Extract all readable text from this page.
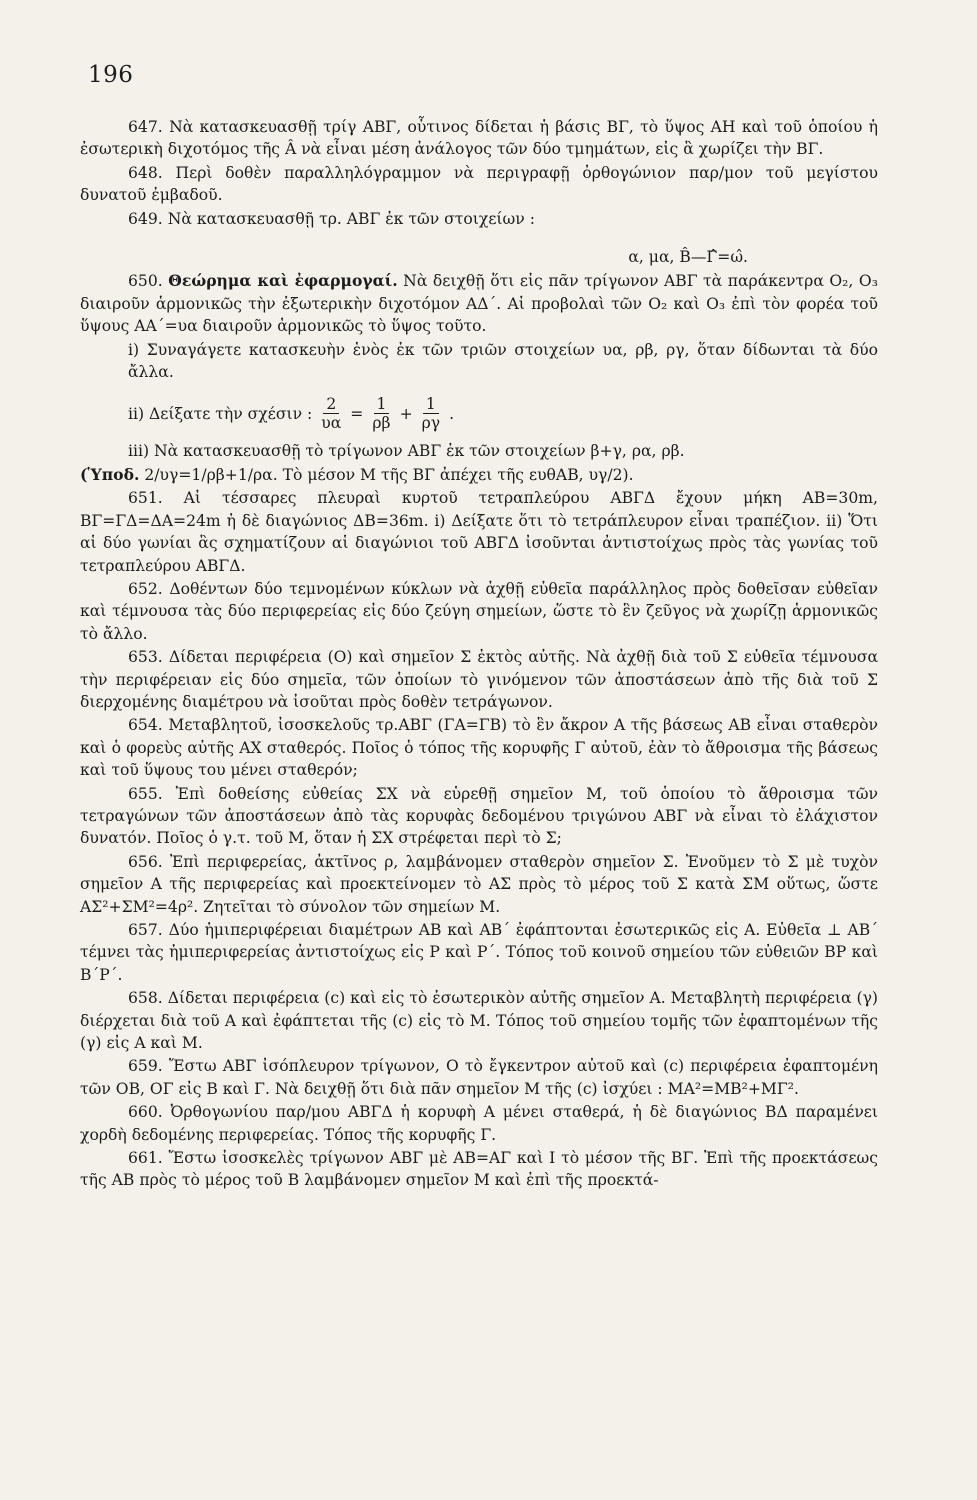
196

647. Νὰ κατασκευασθῇ τρίγ ΑΒΓ, οὗτινος δίδεται ἡ βάσις ΒΓ, τὸ ὕψος ΑΗ καὶ τοῦ ὁποίου ἡ ἐσωτερικὴ διχοτόμος τῆς Â νὰ εἶναι μέση ἀνάλογος τῶν δύο τμημάτων, εἰς ἃ χωρίζει τὴν ΒΓ.

648. Περὶ δοθὲν παραλληλόγραμμον νὰ περιγραφῇ ὀρθογώνιον παρ/μον τοῦ μεγίστου δυνατοῦ ἐμβαδοῦ.

649. Νὰ κατασκευασθῇ τρ. ΑΒΓ ἐκ τῶν στοιχείων :

α, μα, B̂—Γ̂=ω̂.

650. Θεώρημα καὶ ἐφαρμογαί. Νὰ δειχθῇ ὅτι εἰς πᾶν τρίγωνον ΑΒΓ τὰ παράκεντρα Ο₂, Ο₃ διαιροῦν ἁρμονικῶς τὴν ἐξωτερικὴν διχοτόμον ΑΔ΄. Αἱ προβολαὶ τῶν Ο₂ καὶ Ο₃ ἐπὶ τὸν φορέα τοῦ ὕψους ΑΑ΄=υα διαιροῦν ἁρμονικῶς τὸ ὕψος τοῦτο.

i) Συναγάγετε κατασκευὴν ἑνὸς ἐκ τῶν τριῶν στοιχείων υα, ρβ, ργ, ὅταν δίδωνται τὰ δύο ἄλλα.

ii) Δείξατε τὴν σχέσιν : $\frac{2}{\upsilon\alpha} = \frac{1}{\rho\beta} + \frac{1}{\rho\gamma}$ .

iii) Νὰ κατασκευασθῇ τὸ τρίγωνον ΑΒΓ ἐκ τῶν στοιχείων β+γ, ρα, ρβ.

(Ὑποδ. 2/υγ=1/ρβ+1/ρα. Τὸ μέσον Μ τῆς ΒΓ ἀπέχει τῆς ευθΑΒ, υγ/2).

651. Αἱ τέσσαρες πλευραὶ κυρτοῦ τετραπλεύρου ΑΒΓΔ ἔχουν μήκη ΑΒ=30m, ΒΓ=ΓΔ=ΔΑ=24m ἡ δὲ διαγώνιος ΔΒ=36m. i) Δείξατε ὅτι τὸ τετράπλευρον εἶναι τραπέζιον. ii) Ὅτι αἱ δύο γωνίαι ἃς σχηματίζουν αἱ διαγώνιοι τοῦ ΑΒΓΔ ἰσοῦνται ἀντιστοίχως πρὸς τὰς γωνίας τοῦ τετραπλεύρου ΑΒΓΔ.

652. Δοθέντων δύο τεμνομένων κύκλων νὰ ἀχθῇ εὐθεῖα παράλληλος πρὸς δοθεῖσαν εὐθεῖαν καὶ τέμνουσα τὰς δύο περιφερείας εἰς δύο ζεύγη σημείων, ὥστε τὸ ἓν ζεῦγος νὰ χωρίζῃ ἁρμονικῶς τὸ ἄλλο.

653. Δίδεται περιφέρεια (Ο) καὶ σημεῖον Σ ἐκτὸς αὐτῆς. Νὰ ἀχθῇ διὰ τοῦ Σ εὐθεῖα τέμνουσα τὴν περιφέρειαν εἰς δύο σημεῖα, τῶν ὁποίων τὸ γινόμενον τῶν ἀποστάσεων ἀπὸ τῆς διὰ τοῦ Σ διερχομένης διαμέτρου νὰ ἰσοῦται πρὸς δοθὲν τετράγωνον.

654. Μεταβλητοῦ, ἰσοσκελοῦς τρ.ΑΒΓ (ΓΑ=ΓΒ) τὸ ἓν ἄκρον Α τῆς βάσεως ΑΒ εἶναι σταθερὸν καὶ ὁ φορεὺς αὐτῆς ΑΧ σταθερός. Ποῖος ὁ τόπος τῆς κορυφῆς Γ αὐτοῦ, ἐὰν τὸ ἄθροισμα τῆς βάσεως καὶ τοῦ ὕψους του μένει σταθερόν;

655. Ἐπὶ δοθείσης εὐθείας ΣΧ νὰ εὑρεθῇ σημεῖον Μ, τοῦ ὁποίου τὸ ἄθροισμα τῶν τετραγώνων τῶν ἀποστάσεων ἀπὸ τὰς κορυφὰς δεδομένου τριγώνου ΑΒΓ νὰ εἶναι τὸ ἐλάχιστον δυνατόν. Ποῖος ὁ γ.τ. τοῦ Μ, ὅταν ἡ ΣΧ στρέφεται περὶ τὸ Σ;

656. Ἐπὶ περιφερείας, ἀκτῖνος ρ, λαμβάνομεν σταθερὸν σημεῖον Σ. Ἑνοῦμεν τὸ Σ μὲ τυχὸν σημεῖον Α τῆς περιφερείας καὶ προεκτείνομεν τὸ ΑΣ πρὸς τὸ μέρος τοῦ Σ κατὰ ΣΜ οὕτως, ὥστε ΑΣ²+ΣΜ²=4ρ². Ζητεῖται τὸ σύνολον τῶν σημείων Μ.

657. Δύο ἡμιπεριφέρειαι διαμέτρων ΑΒ καὶ ΑΒ΄ ἐφάπτονται ἐσωτερικῶς εἰς Α. Εὐθεῖα ⊥ ΑΒ΄ τέμνει τὰς ἡμιπεριφερείας ἀντιστοίχως εἰς Ρ καὶ Ρ΄. Τόπος τοῦ κοινοῦ σημείου τῶν εὐθειῶν ΒΡ καὶ Β΄Ρ΄.

658. Δίδεται περιφέρεια (c) καὶ εἰς τὸ ἐσωτερικὸν αὐτῆς σημεῖον Α. Μεταβλητὴ περιφέρεια (γ) διέρχεται διὰ τοῦ Α καὶ ἐφάπτεται τῆς (c) εἰς τὸ Μ. Τόπος τοῦ σημείου τομῆς τῶν ἐφαπτομένων τῆς (γ) εἰς Α καὶ Μ.

659. Ἔστω ΑΒΓ ἰσόπλευρον τρίγωνον, Ο τὸ ἔγκεντρον αὐτοῦ καὶ (c) περιφέρεια ἐφαπτομένη τῶν ΟΒ, ΟΓ εἰς Β καὶ Γ. Νὰ δειχθῇ ὅτι διὰ πᾶν σημεῖον Μ τῆς (c) ἰσχύει : ΜΑ²=ΜΒ²+ΜΓ².

660. Ὀρθογωνίου παρ/μου ΑΒΓΔ ἡ κορυφὴ Α μένει σταθερά, ἡ δὲ διαγώνιος ΒΔ παραμένει χορδὴ δεδομένης περιφερείας. Τόπος τῆς κορυφῆς Γ.

661. Ἔστω ἰσοσκελὲς τρίγωνον ΑΒΓ μὲ ΑΒ=ΑΓ καὶ Ι τὸ μέσον τῆς ΒΓ. Ἐπὶ τῆς προεκτάσεως τῆς ΑΒ πρὸς τὸ μέρος τοῦ Β λαμβάνομεν σημεῖον Μ καὶ ἐπὶ τῆς προεκτά-
